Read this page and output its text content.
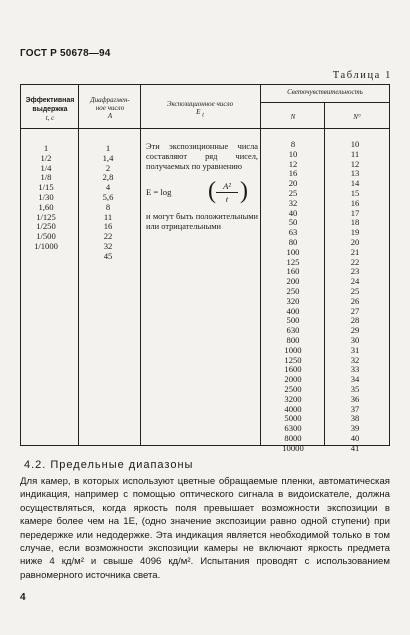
ГОСТ Р 50678—94
Таблица 1
Эффективная
выдержка
t, с
Диафрагмен-
ное число
A
Экспозиционное число
E $_t$
Светочувствительность
N	N°
1
1/2
1/4
1/8
1/15
1/30
1,60
1/125
1/250
1/500
1/1000
1
1,4
2
2,8
4
5,6
8
11
16
22
32
45
Эти экспозиционные числа составляют ряд чисел, получаемых по уравнению
E = log ( A²
t )
и могут быть положительными или отрицательными
8
10
12
16
20
25
32
40
50
63
80
100
125
160
200
250
320
400
500
630
800
1000
1250
1600
2000
2500
3200
4000
5000
6300
8000
10000
10
11
12
13
14
15
16
17
18
19
20
21
22
23
24
25
26
27
28
29
30
31
32
33
34
35
36
37
38
39
40
41
4.2. Предельные диапазоны
Для камер, в которых используют цветные обращаемые пленки, автоматическая индикация, например с помощью оптического сигнала в видоискателе, должна осуществляться, когда яркость поля превышает возможности экспозиции в камере более чем на 1E, (одно значение экспозиции равно одной ступени) при передержке или недодержке. Эта индикация является необходимой только в том случае, если возможности экспозиции камеры не включают яркость предмета ниже 4 кд/м² и свыше 4096 кд/м². Испытания проводят с использованием равномерного источника света.
4
